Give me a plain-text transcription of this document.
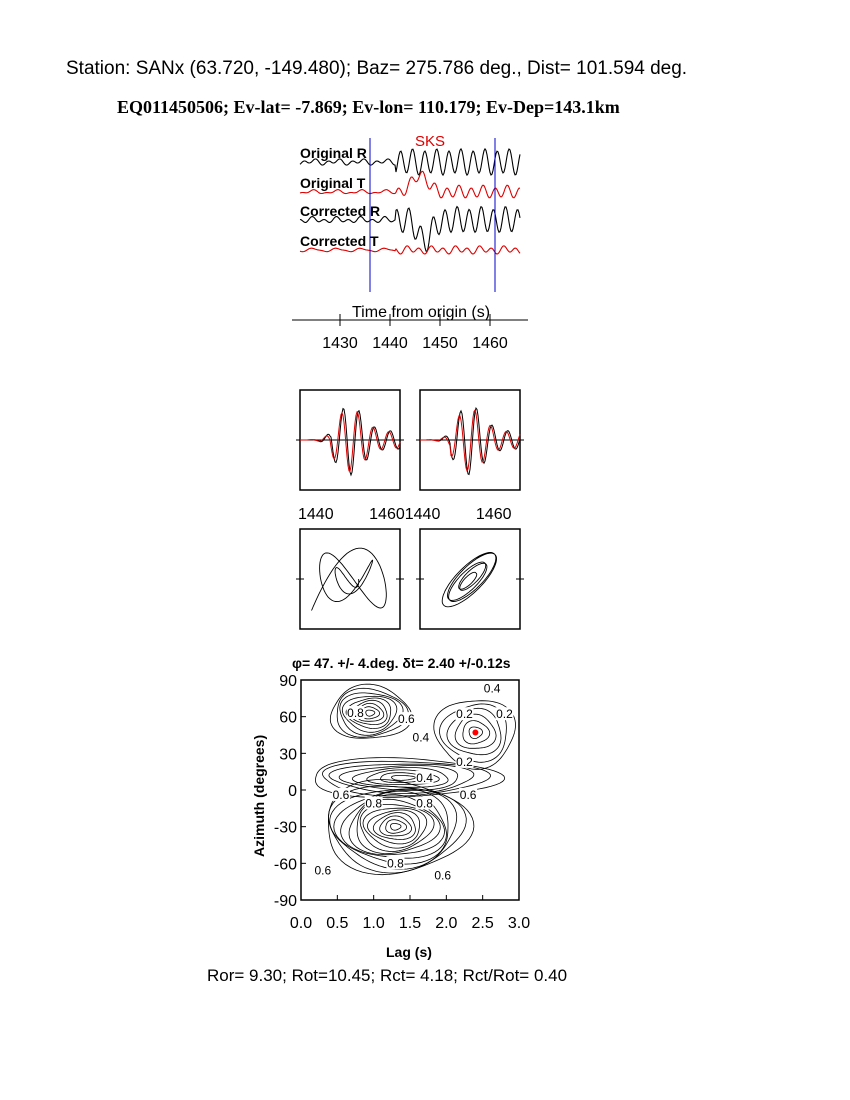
Station: SANx (63.720, -149.480); Baz= 275.786 deg., Dist= 101.594 deg.
EQ011450506; Ev-lat= -7.869; Ev-lon= 110.179; Ev-Dep=143.1km
SKS
Original R
Original T
Corrected R
Corrected T
Time from origin (s)
1430 1440 1450 1460
1440        14601440        1460
φ= 47. +/- 4.deg. δt= 2.40 +/-0.12s
0.8	0.6
0.4
0.4
0.2 0.2
0.2
0.4
0.6
0.8	0.8
0.6
0.8
0.6	0.6
0.0 0.5 1.0 1.5 2.0 2.5 3.0
90
60
30
0
-30
-60
-90
Lag (s)
Azimuth (degrees)
Ror= 9.30; Rot=10.45; Rct= 4.18; Rct/Rot= 0.40
